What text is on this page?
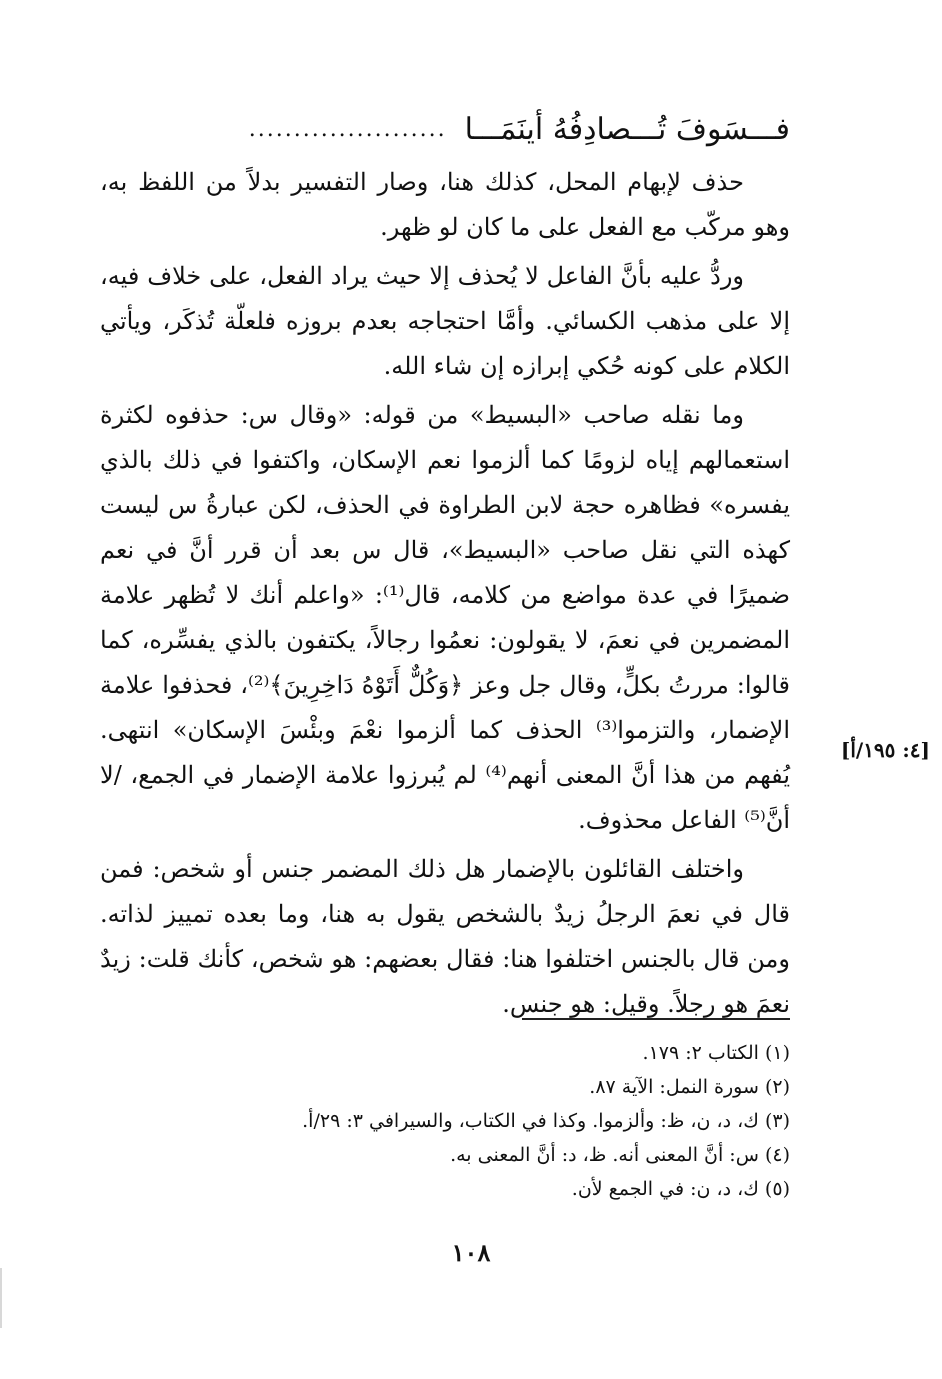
فـــسَوفَ تُـــصادِفُهُ أينَمَـــا
......................

حذف لإبهام المحل، كذلك هنا، وصار التفسير بدلاً من اللفظ به، وهو مركّب مع الفعل على ما كان لو ظهر.

وردُّ عليه بأنَّ الفاعل لا يُحذف إلا حيث يراد الفعل، على خلاف فيه، إلا على مذهب الكسائي. وأمَّا احتجاجه بعدم بروزه فلعلّة تُذكَر، ويأتي الكلام على كونه حُكي إبرازه إن شاء الله.

وما نقله صاحب «البسيط» من قوله: «وقال س: حذفوه لكثرة استعمالهم إياه لزومًا كما ألزموا نعم الإسكان، واكتفوا في ذلك بالذي يفسره» فظاهره حجة لابن الطراوة في الحذف، لكن عبارةُ س ليست كهذه التي نقل صاحب «البسيط»، قال س بعد أن قرر أنَّ في نعم ضميرًا في عدة مواضع من كلامه، قال⁽¹⁾: «واعلم أنك لا تُظهر علامة المضمرين في نعمَ، لا يقولون: نعمُوا رجالاً، يكتفون بالذي يفسِّره، كما قالوا: مررتُ بكلٍّ، وقال جل وعز ﴿وَكُلٌّ أَتَوْهُ دَاخِرِينَ﴾⁽²⁾، فحذفوا علامة الإضمار، والتزموا⁽³⁾ الحذف كما ألزموا نعْمَ وبئْسَ الإسكان» انتهى. يُفهم من هذا أنَّ المعنى أنهم⁽⁴⁾ لم يُبرزوا علامة الإضمار في الجمع، /لا أنَّ⁽⁵⁾ الفاعل محذوف.

واختلف القائلون بالإضمار هل ذلك المضمر جنس أو شخص: فمن قال في نعمَ الرجلُ زيدٌ بالشخص يقول به هنا، وما بعده تمييز لذاته. ومن قال بالجنس اختلفوا هنا: فقال بعضهم: هو شخص، كأنك قلت: زيدٌ نعمَ هو رجلاً. وقيل: هو جنس.

[٤: ١٩٥/أ]
(١) الكتاب ٢: ١٧٩.
(٢) سورة النمل: الآية ٨٧.
(٣) ك، د، ن، ظ: وألزموا. وكذا في الكتاب، والسيرافي ٣: ٢٩/أ.
(٤) س: أنَّ المعنى أنه. ظ، د: أنَّ المعنى به.
(٥) ك، د، ن: في الجمع لأن.
١٠٨
